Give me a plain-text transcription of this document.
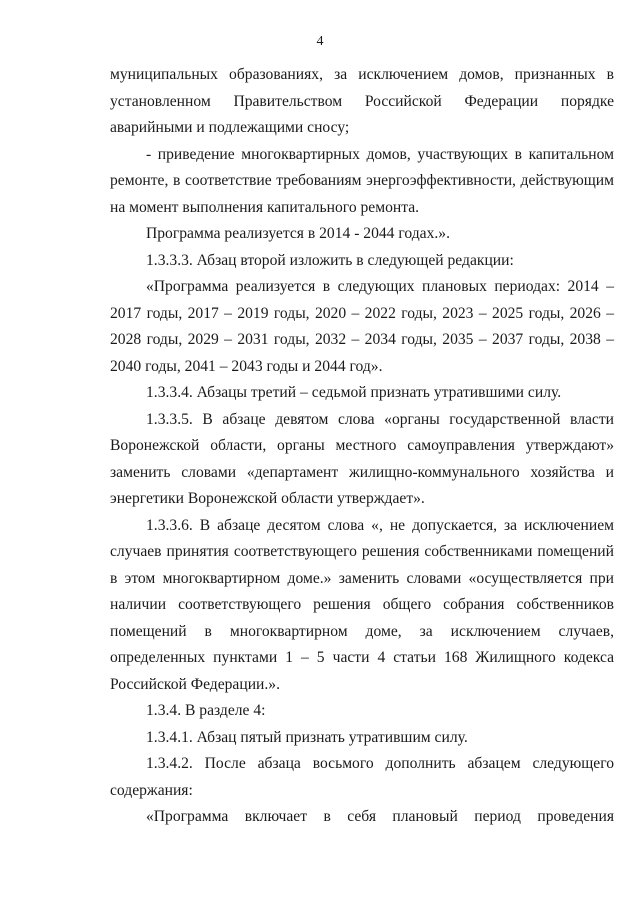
4

муниципальных образованиях, за исключением домов, признанных в установленном Правительством Российской Федерации порядке аварийными и подлежащими сносу;

- приведение многоквартирных домов, участвующих в капитальном ремонте, в соответствие требованиям энергоэффективности, действующим на момент выполнения капитального ремонта.

Программа реализуется в 2014 - 2044 годах.».

1.3.3.3. Абзац второй изложить в следующей редакции:

«Программа реализуется в следующих плановых периодах: 2014 – 2017 годы, 2017 – 2019 годы, 2020 – 2022 годы, 2023 – 2025 годы, 2026 – 2028 годы, 2029 – 2031 годы, 2032 – 2034 годы, 2035 – 2037 годы, 2038 – 2040 годы, 2041 – 2043 годы и 2044 год».

1.3.3.4. Абзацы третий – седьмой признать утратившими силу.

1.3.3.5. В абзаце девятом слова «органы государственной власти Воронежской области, органы местного самоуправления утверждают» заменить словами «департамент жилищно-коммунального хозяйства и энергетики Воронежской области утверждает».

1.3.3.6. В абзаце десятом слова «, не допускается, за исключением случаев принятия соответствующего решения собственниками помещений в этом многоквартирном доме.» заменить словами «осуществляется при наличии соответствующего решения общего собрания собственников помещений в многоквартирном доме, за исключением случаев, определенных пунктами 1 – 5 части 4 статьи 168 Жилищного кодекса Российской Федерации.».

1.3.4. В разделе 4:

1.3.4.1. Абзац пятый признать утратившим силу.

1.3.4.2. После абзаца восьмого дополнить абзацем следующего содержания:

«Программа включает в себя плановый период проведения
